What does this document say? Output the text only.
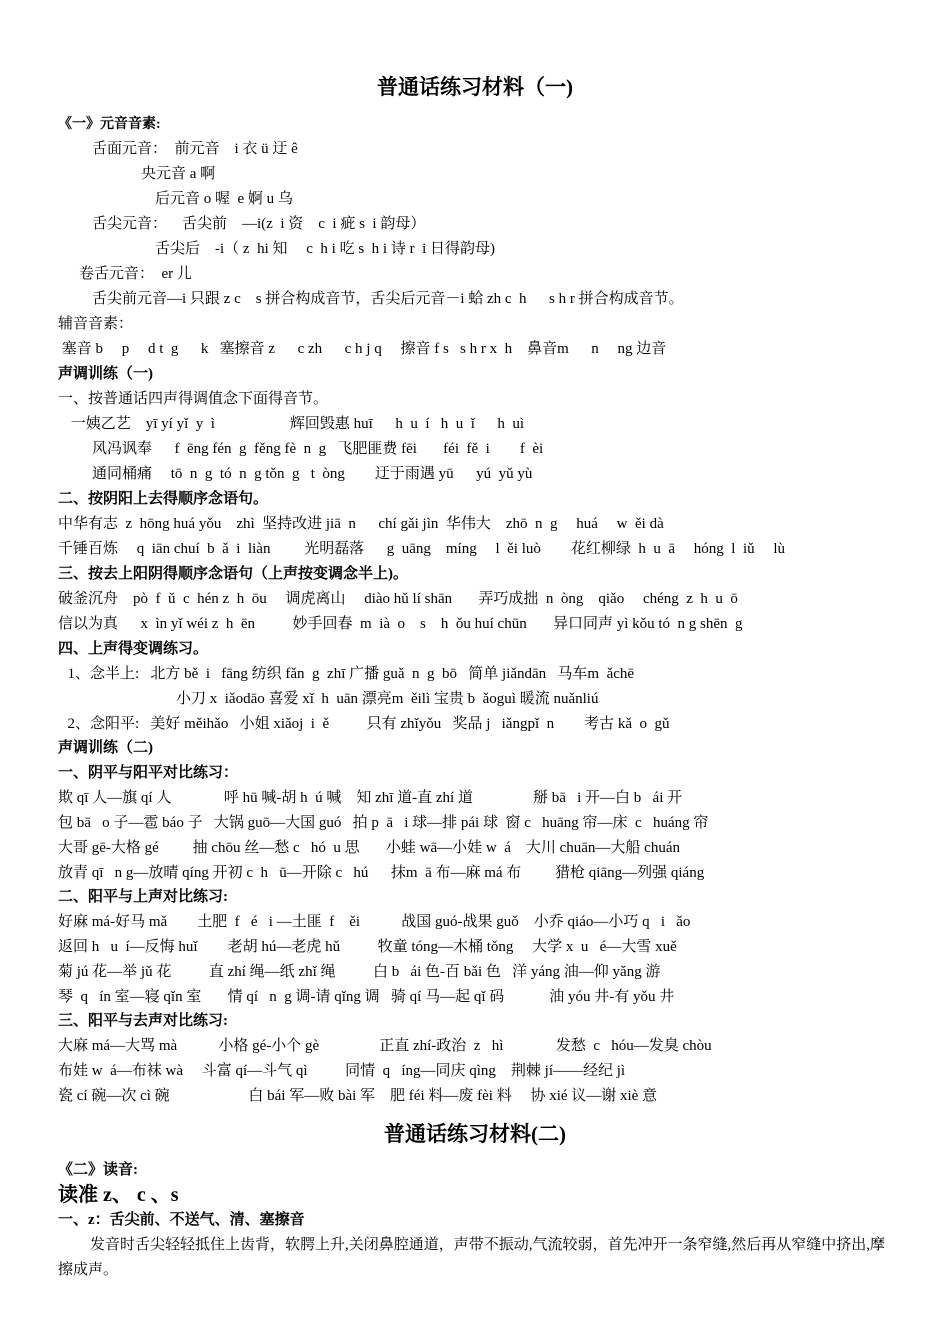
普通话练习材料（一)
《一》元音音素:
舌面元音：  前元音    i 衣 ü 迂 ê
央元音 a 啊
后元音 o 喔  e 婀 u 乌
舌尖元音：    舌尖前    —i(z  i 资    c  i 疵 s  i 韵母）
舌尖后    -i（ z  hi 知     c  h i 吃 s  h i 诗 r  i 日得韵母)
卷舌元音：  er 儿
舌尖前元音—i 只跟 z c    s 拼合构成音节，舌尖后元音－i 蛤 zh c  h      s h r 拼合构成音节。
辅音音素：
塞音 b     p     d t  g      k   塞擦音 z      c zh      c h j q     擦音 f s   s h r x  h    鼻音m      n     ng 边音
声调训练（一)
一、按普通话四声得调值念下面得音节。
一姨乙艺    yī yí yǐ  y  ì                    辉回毁惠 huī      h  u  í   h  u  ǐ      h  uì
风冯讽奉      f  ēng fén  g  fěng fè  n  g   飞肥匪费 fēi       féi  fě  i        f  èi
通同桶痛     tō  n  g  tó  n  g tǒn  g   t  òng        迂于雨遇 yū      yú  yǔ yù
二、按阴阳上去得顺序念语句。
中华有志  z  hōng huá yǒu    zhì  坚持改进 jiā  n      chí gǎi jìn  华伟大    zhō  n  g     huá     w  ěi dà
千锤百炼     q  iān chuí  b  ǎ  i  liàn         光明磊落      g  uāng    míng     l  ěi luò        花红柳绿  h  u  ā     hóng  l  iǔ     lù
三、按去上阳阴得顺序念语句（上声按变调念半上)。
破釜沉舟    pò  f  ǔ  c  hén z  h  ōu     调虎离山     diào hǔ lí shān       弄巧成拙  n  òng    qiǎo     chéng  z  h  u  ō
信以为真      x  ìn yǐ wéi z  h  ēn          妙手回春  m  ià  o    s    h  ǒu huí chūn       异口同声 yì kǒu tó  n g shēn  g
四、上声得变调练习。
1、念半上:   北方 bě  i   fāng 纺织 fǎn  g  zhī 广播 guǎ  n  g  bō   简单 jiǎndān   马车m  ǎchē
小刀 x  iǎodāo 喜爱 xǐ  h  uān 漂亮m  ěilì 宝贵 b  ǎoguì 暖流 nuǎnliú
2、念阳平:   美好 měihǎo   小姐 xiǎoj  i  ě          只有 zhǐyǒu   奖品 j   iǎngpǐ  n        考古 kǎ  o  gǔ
声调训练（二)
一、阴平与阳平对比练习：
欺 qī 人—旗 qí 人              呼 hū 喊-胡 h  ú 喊    知 zhī 道-直 zhí 道                掰 bā   i 开—白 b   ái 开
包 bā   o 子—雹 báo 子   大锅 guō—大国 guó   拍 p  ā   i 球—排 pái 球  窗 c   huāng 帘—床  c   huáng 帘
大哥 gē-大格 gé         抽 chōu 丝—愁 c   hó  u 思       小蛙 wā—小娃 w  á    大川 chuān—大船 chuán
放青 qī   n g—放晴 qíng 开初 c  h   ū—开除 c   hú      抹m  ā 布—麻 má 布         猎枪 qiāng—列强 qiáng
二、阳平与上声对比练习:
好麻 má-好马 mǎ        土肥  f   é   i —土匪  f    ěi           战国 guó-战果 guǒ    小乔 qiáo—小巧 q   i   ǎo
返回 h   u  í—反悔 huǐ        老胡 hú—老虎 hǔ          牧童 tóng—木桶 tǒng     大学 x  u   é—大雪 xuě
菊 jú 花—举 jǔ 花          直 zhí 绳—纸 zhǐ 绳          白 b   ái 色-百 bǎi 色   洋 yáng 油—仰 yǎng 游
琴  q   ín 室—寝 qǐn 室       情 qí   n  g 调-请 qǐng 调   骑 qí 马—起 qǐ 码            油 yóu 井-有 yǒu 井
三、阳平与去声对比练习:
大麻 má—大骂 mà           小格 gé-小个 gè                正直 zhí-政治  z   hì              发愁  c   hóu—发臭 chòu
布娃 w  á—布袜 wà     斗富 qí—斗气 qì          同情  q   íng—同庆 qìng    荆棘 jí——经纪 jì
瓷 cí 碗—次 cì 碗                     白 bái 军—败 bài 军    肥 féi 料—废 fèi 料     协 xié 议—谢 xiè 意
普通话练习材料(二)
《二》读音:
读准 z、 c 、s
一、z：舌尖前、不送气、清、塞擦音
发音时舌尖轻轻抵住上齿背，软腭上升,关闭鼻腔通道，声带不振动,气流较弱，首先冲开一条窄缝,然后再从窄缝中挤出,摩擦成声。
